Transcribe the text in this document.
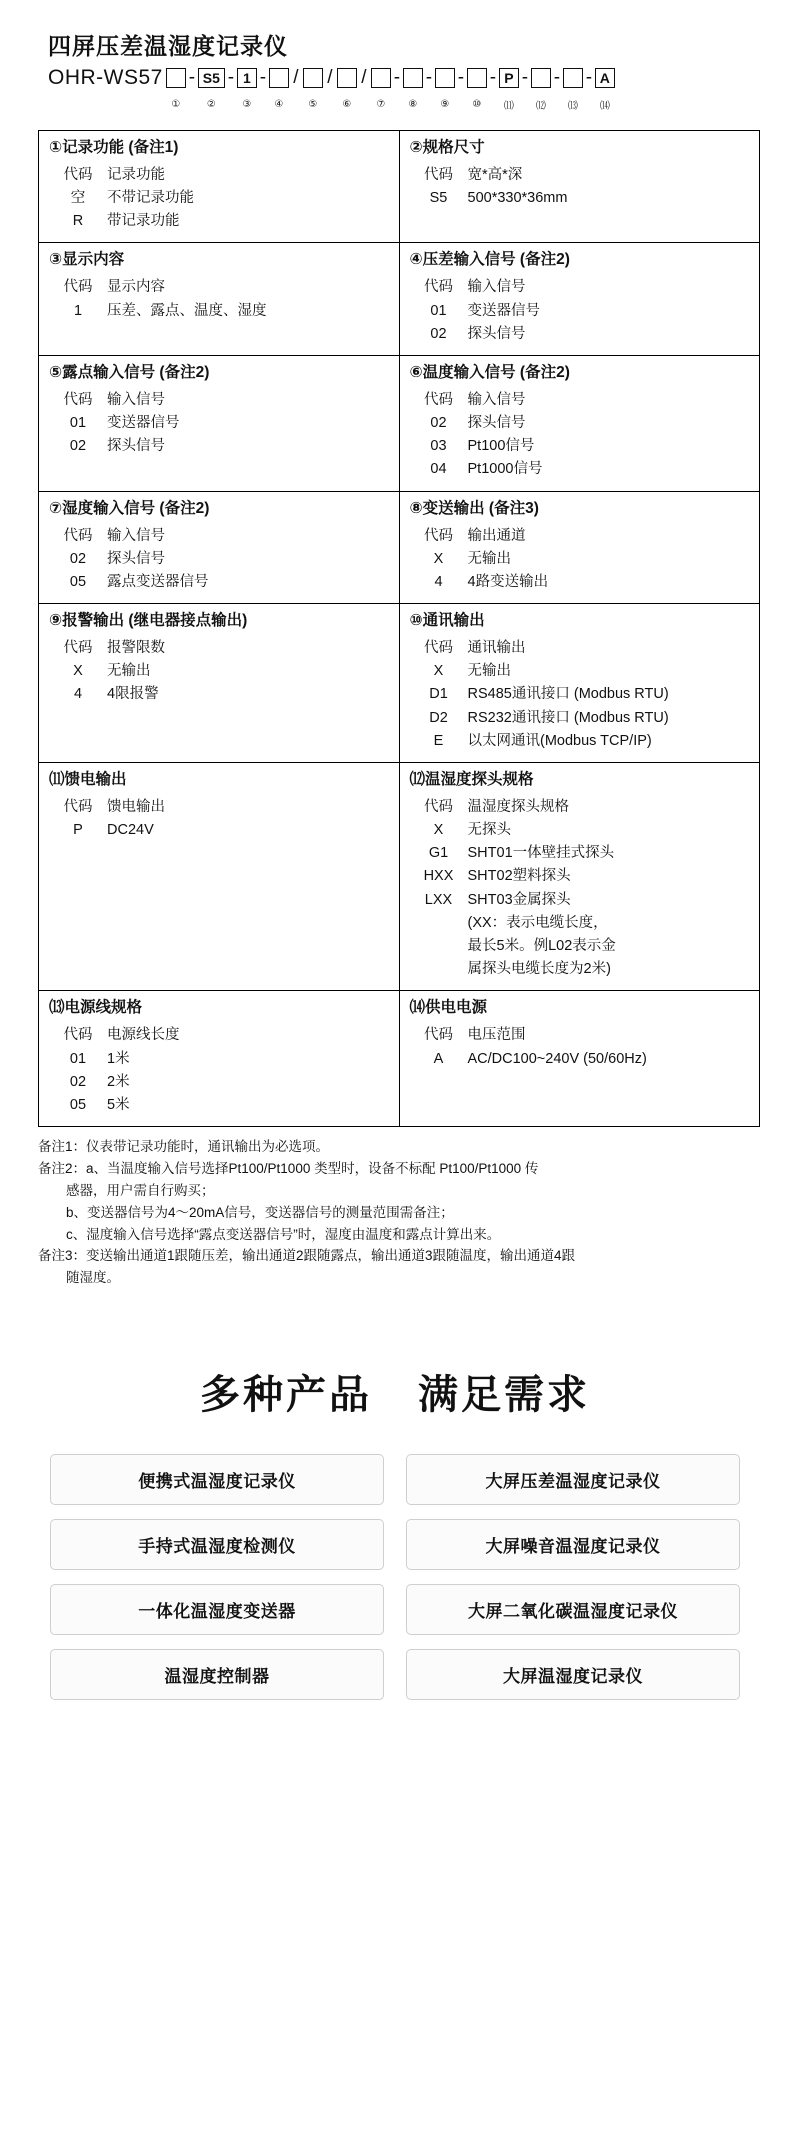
四屏压差温湿度记录仪
OHR-WS57 - S5 - 1 - / / / - - - - P - - - A
①	②	③	④	⑤	⑥	⑦	⑧	⑨	⑩	⑾	⑿	⒀	⒁
①记录功能 (备注1)
代码	记录功能
空	不带记录功能
R	带记录功能

②规格尺寸
代码	宽*高*深
S5	500*330*36mm

③显示内容
代码	显示内容
1	压差、露点、温度、湿度

④压差输入信号 (备注2)
代码	输入信号
01	变送器信号
02	探头信号

⑤露点输入信号 (备注2)
代码	输入信号
01	变送器信号
02	探头信号

⑥温度输入信号 (备注2)
代码	输入信号
02	探头信号
03	Pt100信号
04	Pt1000信号

⑦湿度输入信号 (备注2)
代码	输入信号
02	探头信号
05	露点变送器信号

⑧变送输出 (备注3)
代码	输出通道
X	无输出
4	4路变送输出

⑨报警输出 (继电器接点输出)
代码	报警限数
X	无输出
4	4限报警

⑩通讯输出
代码	通讯输出
X	无输出
D1	RS485通讯接口 (Modbus RTU)
D2	RS232通讯接口 (Modbus RTU)
E	以太网通讯(Modbus TCP/IP)

⑾馈电输出
代码	馈电输出
P	DC24V

⑿温湿度探头规格
代码	温湿度探头规格
X	无探头
G1	SHT01一体壁挂式探头
HXX SHT02塑料探头
LXX	SHT03金属探头
(XX：表示电缆长度，
最长5米。例L02表示金
属探头电缆长度为2米)

⒀电源线规格
代码	电源线长度
01	1米
02	2米
05	5米

⒁供电电源
代码	电压范围
A	AC/DC100~240V (50/60Hz)

备注1：仪表带记录功能时，通讯输出为必选项。

备注2：a、当温度输入信号选择Pt100/Pt1000 类型时，设备不标配 Pt100/Pt1000 传

感器，用户需自行购买；

b、变送器信号为4～20mA信号，变送器信号的测量范围需备注；

c、湿度输入信号选择“露点变送器信号”时，湿度由温度和露点计算出来。

备注3：变送输出通道1跟随压差，输出通道2跟随露点，输出通道3跟随温度，输出通道4跟

随湿度。

多种产品 满足需求
便携式温湿度记录仪	大屏压差温湿度记录仪
手持式温湿度检测仪	大屏噪音温湿度记录仪
一体化温湿度变送器	大屏二氧化碳温湿度记录仪
温湿度控制器	大屏温湿度记录仪
